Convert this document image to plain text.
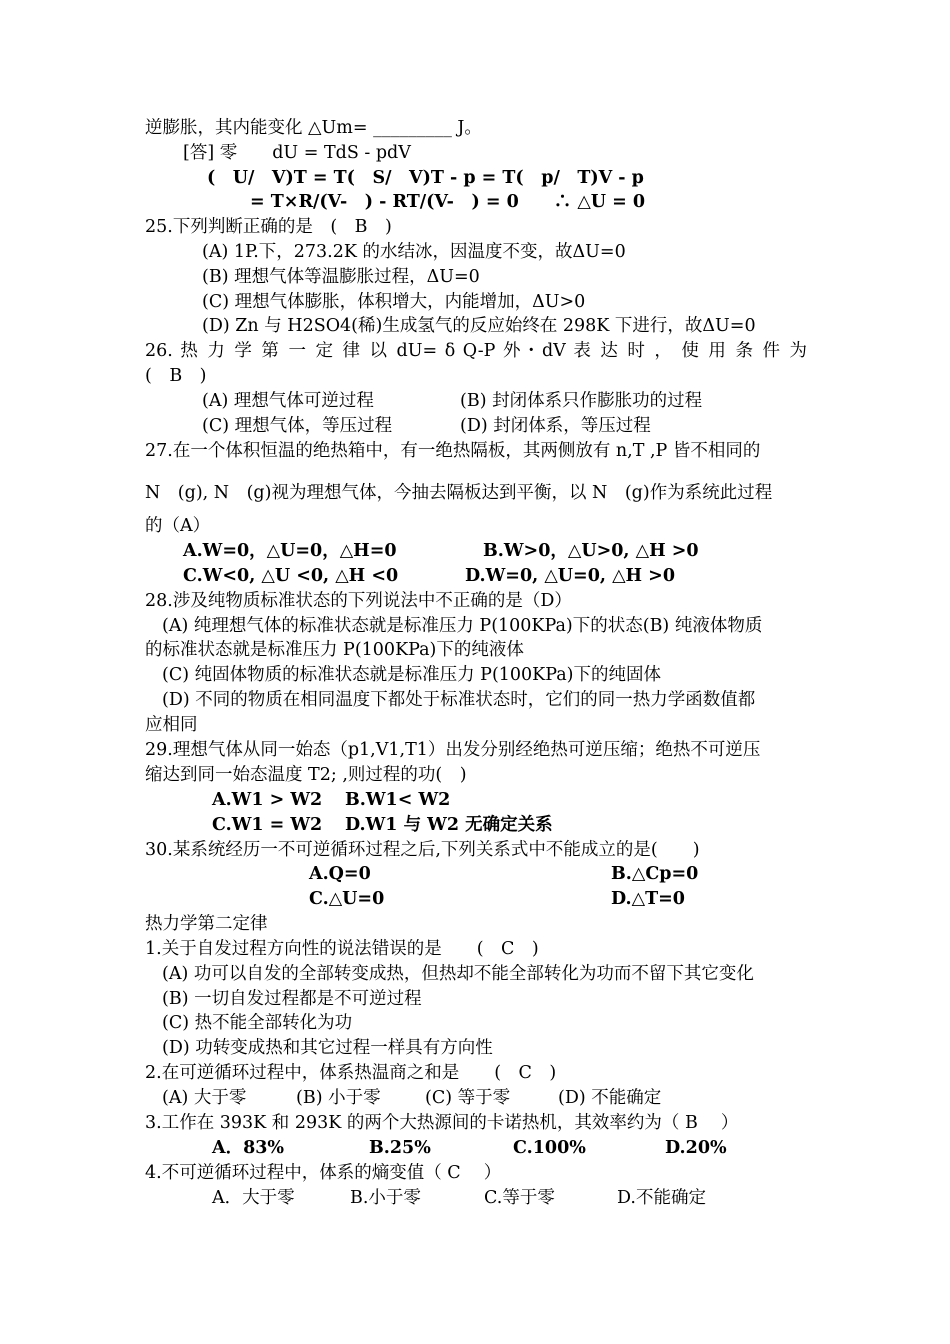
逆膨胀，其内能变化 △Um= _________ J。
[答] 零　　dU = TdS - pdV
(　U/　V)T = T(　S/　V)T - p = T(　p/　T)V - p
= T×R/(V-　) - RT/(V-　) = 0　　∴ △U = 0
25.下列判断正确的是　(　B　)
(A) 1P.下，273.2K 的水结冰，因温度不变，故ΔU=0
(B) 理想气体等温膨胀过程，ΔU=0
(C) 理想气体膨胀，体积增大，内能增加，ΔU>0
(D) Zn 与 H2SO4(稀)生成氢气的反应始终在 298K 下进行，故ΔU=0
26. 热 力 学 第 一 定 律 以 dU= δ Q-P 外・dV 表 达 时 ， 使 用 条 件 为
(　B　)
(A) 理想气体可逆过程	(B) 封闭体系只作膨胀功的过程
(C) 理想气体，等压过程	(D) 封闭体系，等压过程
27.在一个体积恒温的绝热箱中，有一绝热隔板，其两侧放有 n,T ,P 皆不相同的
N　(g), N　(g)视为理想气体，今抽去隔板达到平衡，以 N　(g)作为系统此过程
的（A）
A.W=0，△U=0，△H=0	B.W>0，△U>0, △H >0
C.W<0, △U <0, △H <0	D.W=0, △U=0, △H >0
28.涉及纯物质标准状态的下列说法中不正确的是（D）
(A) 纯理想气体的标准状态就是标准压力 P(100KPa)下的状态(B) 纯液体物质
的标准状态就是标准压力 P(100KPa)下的纯液体
(C) 纯固体物质的标准状态就是标准压力 P(100KPa)下的纯固体
(D) 不同的物质在相同温度下都处于标准状态时，它们的同一热力学函数值都
应相同
29.理想气体从同一始态（p1,V1,T1）出发分别经绝热可逆压缩；绝热不可逆压
缩达到同一始态温度 T2; ,则过程的功(　)
A.W1 > W2 B.W1< W2
C.W1 = W2 D.W1 与 W2 无确定关系
30.某系统经历一不可逆循环过程之后,下列关系式中不能成立的是(　　)
A.Q=0	B.△Cp=0
C.△U=0	D.△T=0
热力学第二定律
1.关于自发过程方向性的说法错误的是　　(　C　)
(A) 功可以自发的全部转变成热，但热却不能全部转化为功而不留下其它变化
(B) 一切自发过程都是不可逆过程
(C) 热不能全部转化为功
(D) 功转变成热和其它过程一样具有方向性
2.在可逆循环过程中，体系热温商之和是　　(　C　)
(A) 大于零	(B) 小于零	(C) 等于零	(D) 不能确定
3.工作在 393K 和 293K 的两个大热源间的卡诺热机，其效率约为（ B　 ）
A．83%	B.25%	C.100%	D.20%
4.不可逆循环过程中，体系的熵变值（ C　 ）
A．大于零	B.小于零	C.等于零	D.不能确定
